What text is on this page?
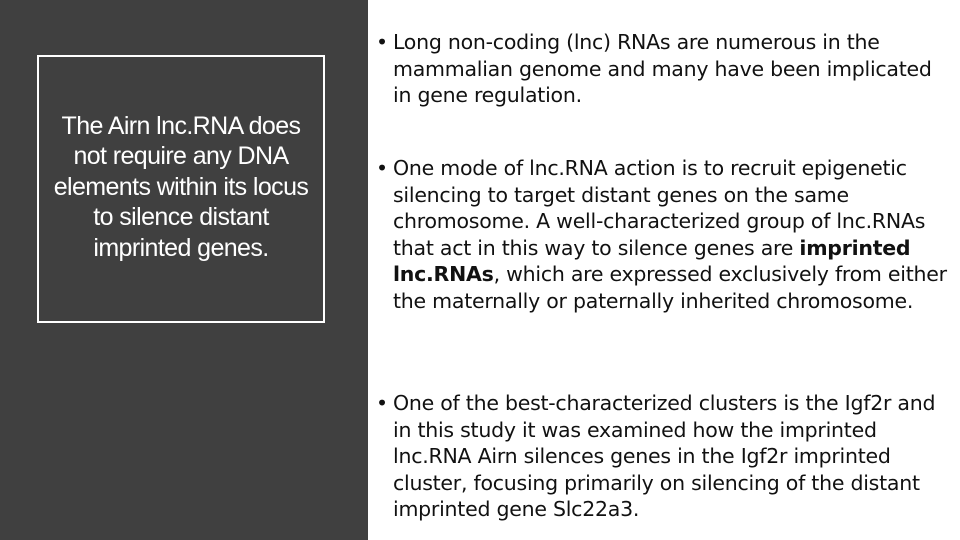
The Airn lnc.RNA does not require any DNA elements within its locus to silence distant imprinted genes.
• Long non-coding (lnc) RNAs are numerous in the mammalian genome and many have been implicated in gene regulation.
• One mode of lnc.RNA action is to recruit epigenetic silencing to target distant genes on the same chromosome. A well-characterized group of lnc.RNAs that act in this way to silence genes are imprinted lnc.RNAs, which are expressed exclusively from either the maternally or paternally inherited chromosome.
• One of the best-characterized clusters is the Igf2r and in this study it was examined how the imprinted lnc.RNA Airn silences genes in the Igf2r imprinted cluster, focusing primarily on silencing of the distant imprinted gene Slc22a3.
